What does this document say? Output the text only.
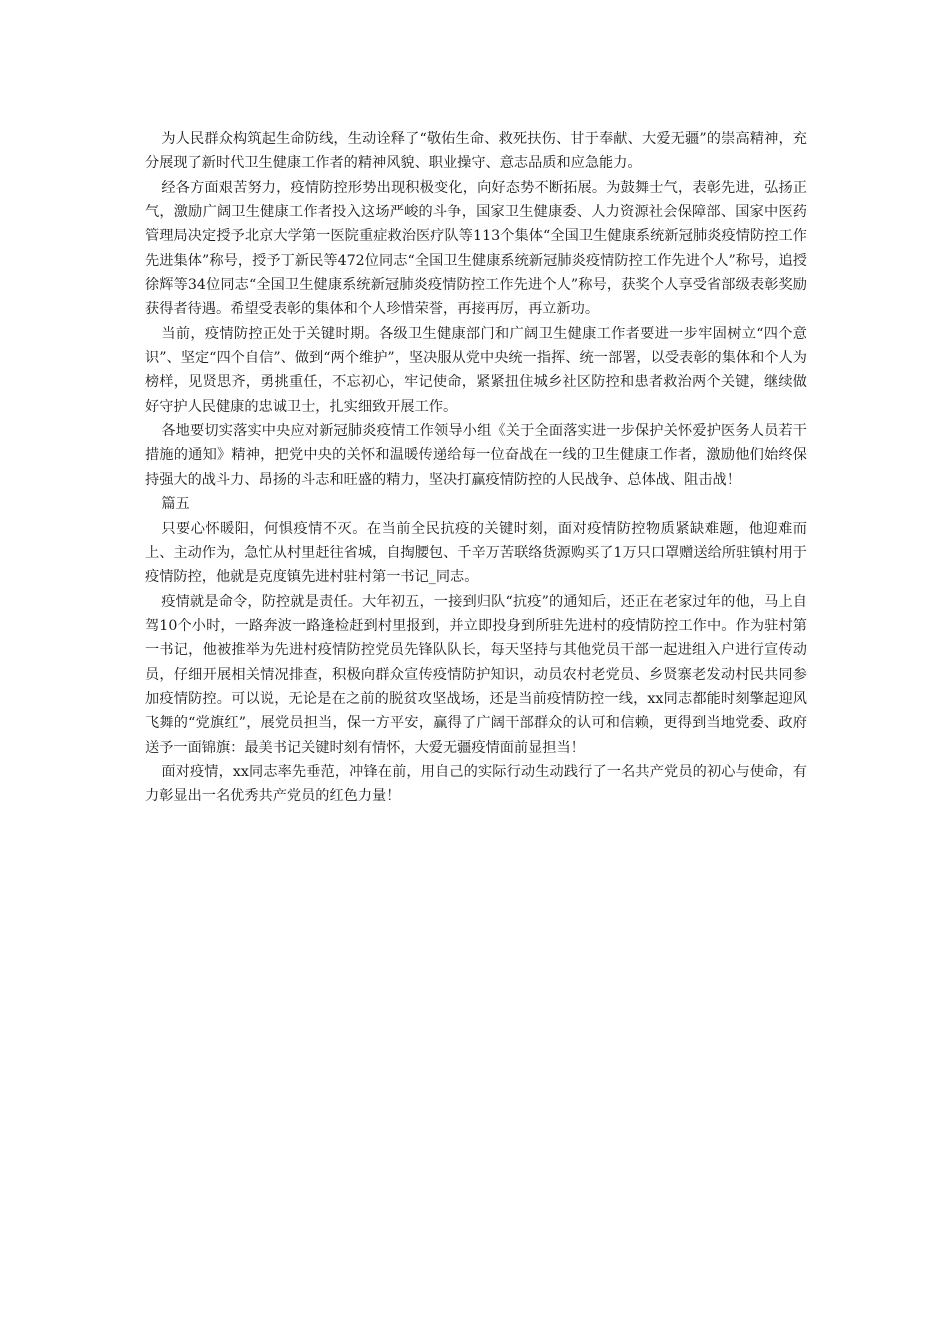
为人民群众构筑起生命防线，生动诠释了“敬佑生命、救死扶伤、甘于奉献、大爱无疆”的崇高精神，充分展现了新时代卫生健康工作者的精神风貌、职业操守、意志品质和应急能力。

经各方面艰苦努力，疫情防控形势出现积极变化，向好态势不断拓展。为鼓舞士气，表彰先进，弘扬正气，激励广阔卫生健康工作者投入这场严峻的斗争，国家卫生健康委、人力资源社会保障部、国家中医药管理局决定授予北京大学第一医院重症救治医疗队等113个集体“全国卫生健康系统新冠肺炎疫情防控工作先进集体”称号，授予丁新民等472位同志“全国卫生健康系统新冠肺炎疫情防控工作先进个人”称号，追授徐辉等34位同志“全国卫生健康系统新冠肺炎疫情防控工作先进个人”称号，获奖个人享受省部级表彰奖励获得者待遇。希望受表彰的集体和个人珍惜荣誉，再接再厉，再立新功。

当前，疫情防控正处于关键时期。各级卫生健康部门和广阔卫生健康工作者要进一步牢固树立“四个意识”、坚定“四个自信”、做到“两个维护”，坚决服从党中央统一指挥、统一部署，以受表彰的集体和个人为榜样，见贤思齐，勇挑重任，不忘初心，牢记使命，紧紧扭住城乡社区防控和患者救治两个关键，继续做好守护人民健康的忠诚卫士，扎实细致开展工作。

各地要切实落实中央应对新冠肺炎疫情工作领导小组《关于全面落实进一步保护关怀爱护医务人员若干措施的通知》精神，把党中央的关怀和温暖传递给每一位奋战在一线的卫生健康工作者，激励他们始终保持强大的战斗力、昂扬的斗志和旺盛的精力，坚决打赢疫情防控的人民战争、总体战、阻击战！

篇五

只要心怀暖阳，何惧疫情不灭。在当前全民抗疫的关键时刻，面对疫情防控物质紧缺难题，他迎难而上、主动作为，急忙从村里赶往省城，自掏腰包、千辛万苦联络货源购买了1万只口罩赠送给所驻镇村用于疫情防控，他就是克度镇先进村驻村第一书记_同志。

疫情就是命令，防控就是责任。大年初五，一接到归队“抗疫”的通知后，还正在老家过年的他，马上自驾10个小时，一路奔波一路逢检赶到村里报到，并立即投身到所驻先进村的疫情防控工作中。作为驻村第一书记，他被推举为先进村疫情防控党员先锋队队长，每天坚持与其他党员干部一起进组入户进行宣传动员，仔细开展相关情况排查，积极向群众宣传疫情防护知识，动员农村老党员、乡贤寨老发动村民共同参加疫情防控。可以说，无论是在之前的脱贫攻坚战场，还是当前疫情防控一线，xx同志都能时刻擎起迎风飞舞的“党旗红”，展党员担当，保一方平安，赢得了广阔干部群众的认可和信赖，更得到当地党委、政府送予一面锦旗：最美书记关键时刻有情怀，大爱无疆疫情面前显担当！

面对疫情，xx同志率先垂范，冲锋在前，用自己的实际行动生动践行了一名共产党员的初心与使命，有力彰显出一名优秀共产党员的红色力量！
